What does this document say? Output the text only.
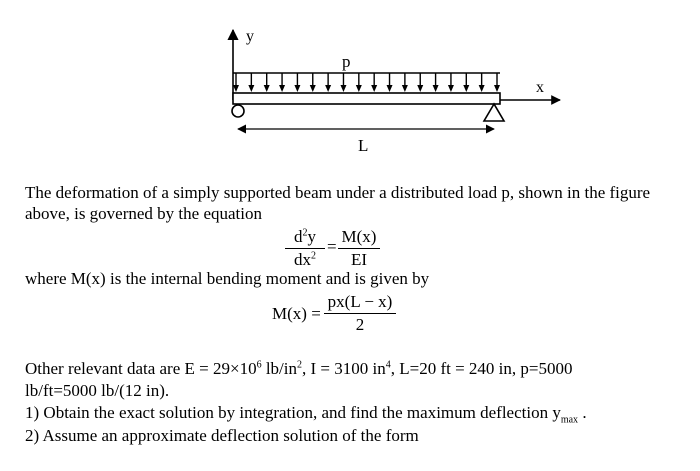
y
x
p
L
The deformation of a simply supported beam under a distributed load p, shown in the figure
above, is governed by the equation
$d^2y$
$dx^2$ =
M(x)
EI
where M(x) is the internal bending moment and is given by
M(x) =
px(L − x)
2
Other relevant data are $E = 29\times 10^6$ $lb/in^2$, I = 3100 $in^4$, L=20 ft = 240 in, p=5000
lb/ft=5000 lb/(12 in).
1) Obtain the exact solution by integration, and find the maximum deflection $y_{max}$ .
2) Assume an approximate deflection solution of the form
